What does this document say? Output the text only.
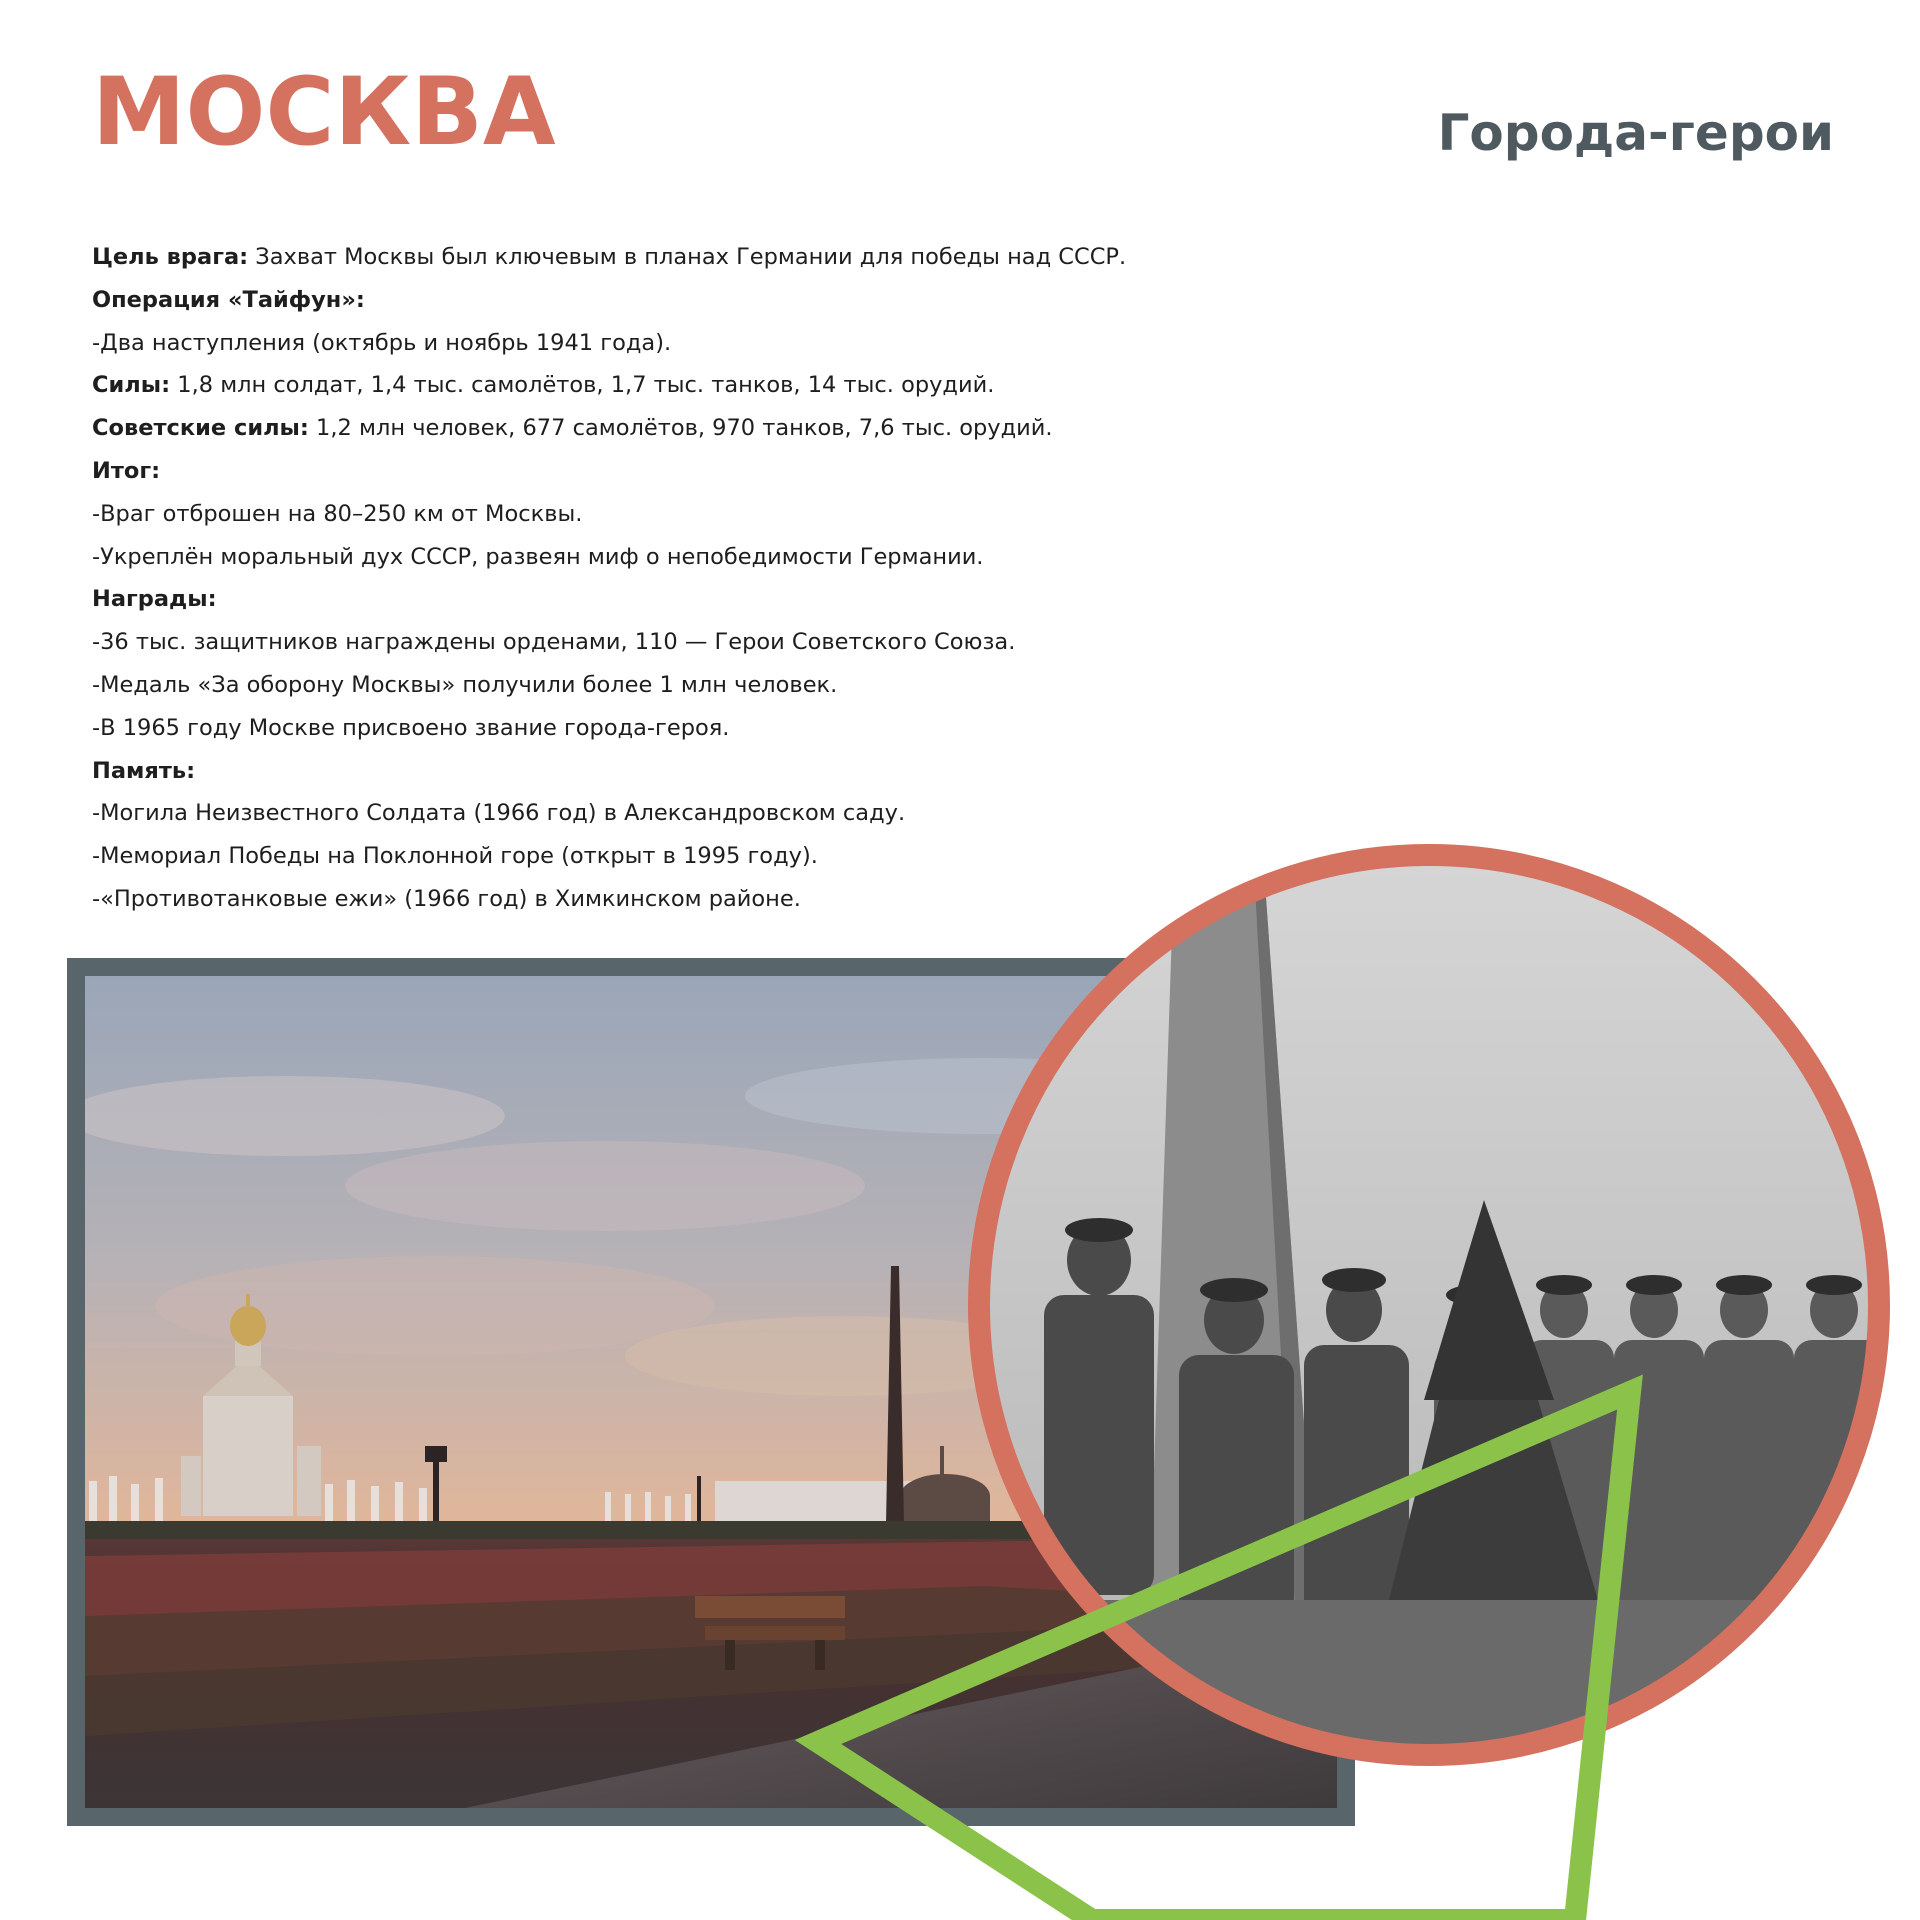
МОСКВА	Города-герои
Цель врага: Захват Москвы был ключевым в планах Германии для победы над СССР.
Операция «Тайфун»:
-Два наступления (октябрь и ноябрь 1941 года).
Силы: 1,8 млн солдат, 1,4 тыс. самолётов, 1,7 тыс. танков, 14 тыс. орудий.
Советские силы: 1,2 млн человек, 677 самолётов, 970 танков, 7,6 тыс. орудий.
Итог:
-Враг отброшен на 80–250 км от Москвы.
-Укреплён моральный дух СССР, развеян миф о непобедимости Германии.
Награды:
-36 тыс. защитников награждены орденами, 110 — Герои Советского Союза.
-Медаль «За оборону Москвы» получили более 1 млн человек.
-В 1965 году Москве присвоено звание города-героя.
Память:
-Могила Неизвестного Солдата (1966 год) в Александровском саду.
-Мемориал Победы на Поклонной горе (открыт в 1995 году).
-«Противотанковые ежи» (1966 год) в Химкинском районе.
